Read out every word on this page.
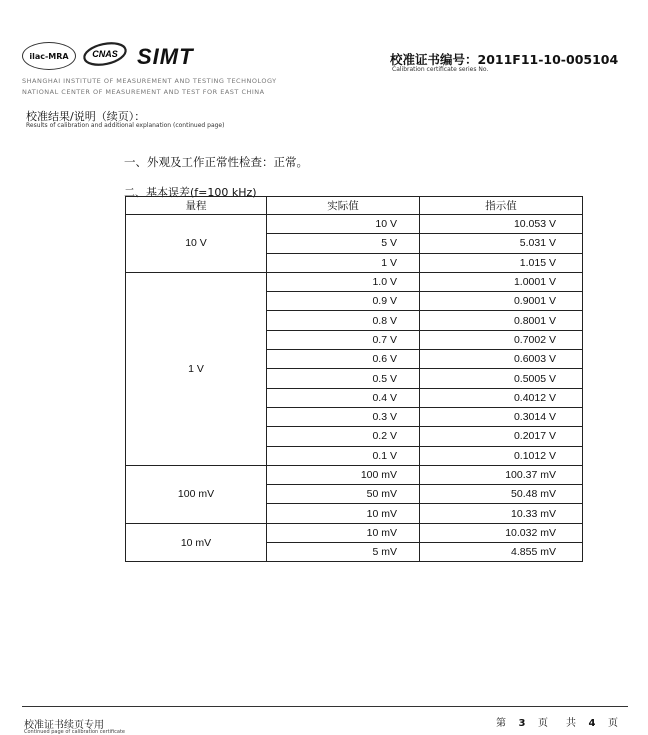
ilac-MRA	CNAS SIMT
SHANGHAI INSTITUTE OF MEASUREMENT AND TESTING TECHNOLOGY
NATIONAL CENTER OF MEASUREMENT AND TEST FOR EAST CHINA
校准证书编号：2011F11-10-005104
Calibration certificate series No.
校准结果/说明（续页）：
Results of calibration and additional explanation (continued page)
一、外观及工作正常性检查：正常。
二、基本误差(f=100 kHz)
量程	实际值	指示值
10 V	10 V	10.053 V
	5 V	5.031 V
	1 V	1.015 V
1 V	1.0 V	1.0001 V
	0.9 V	0.9001 V
	0.8 V	0.8001 V
	0.7 V	0.7002 V
	0.6 V	0.6003 V
	0.5 V	0.5005 V
	0.4 V	0.4012 V
	0.3 V	0.3014 V
	0.2 V	0.2017 V
	0.1 V	0.1012 V
100 mV	100 mV	100.37 mV
	50 mV	50.48 mV
	10 mV	10.33 mV
10 mV	10 mV	10.032 mV
	5 mV	4.855 mV
校准证书续页专用
Continued page of calibration certificate
第	3	页 共	4	页
